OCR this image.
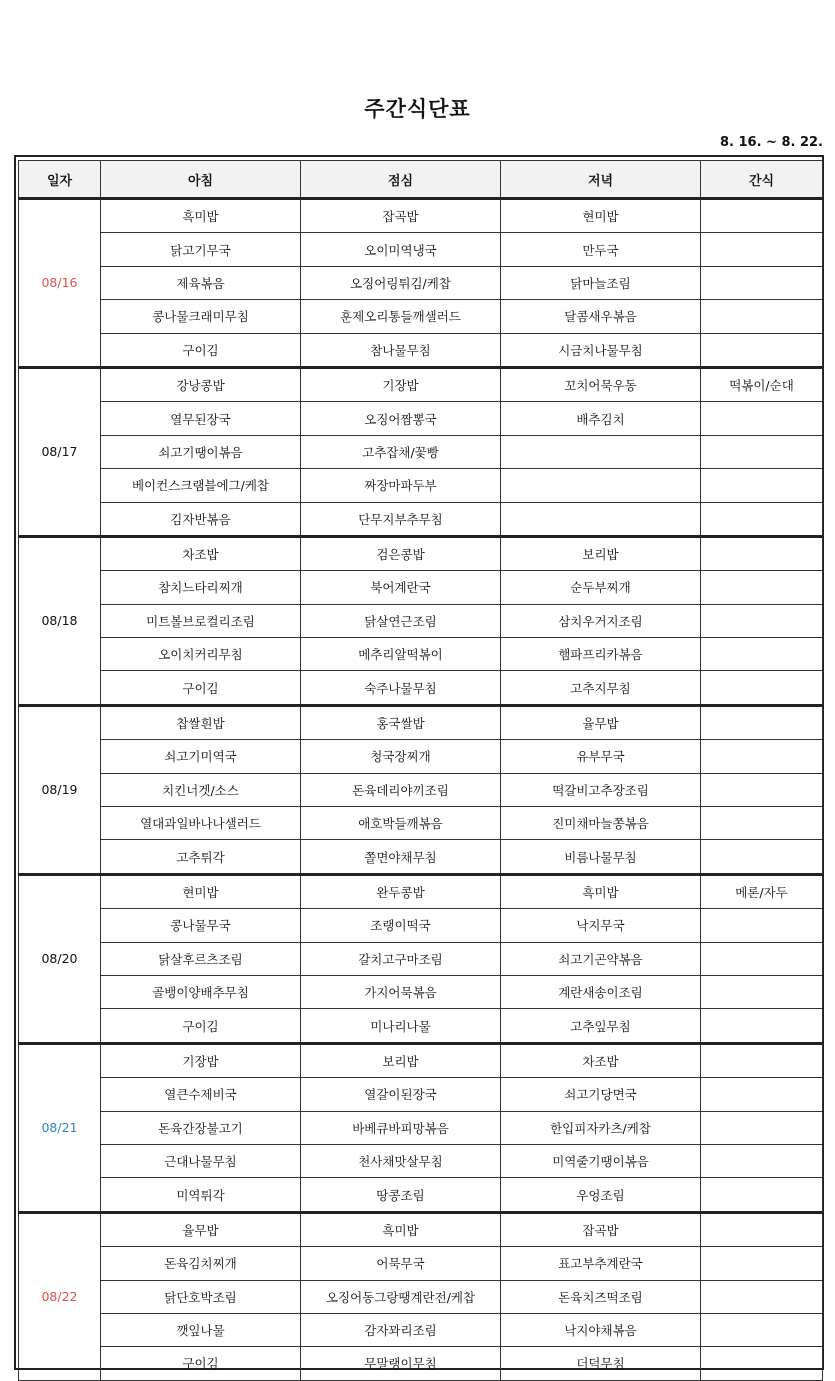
주간식단표
8. 16. ~ 8. 22.
일자	아침	점심	저녁	간식
08/16	흑미밥	잡곡밥	현미밥	
	닭고기무국	오이미역냉국	만두국	
	제육볶음	오징어링튀김/케찹	닭마늘조림	
	콩나물크래미무침	훈제오리통들깨샐러드	달콤새우볶음	
	구이김	참나물무침	시금치나물무침	
08/17	강낭콩밥	기장밥	꼬치어묵우동	떡볶이/순대
	열무된장국	오징어짬뽕국	배추김치	
	쇠고기땡이볶음	고추잡채/꽃빵		
	베이컨스크램블에그/케찹	짜장마파두부		
	김자반볶음	단무지부추무침		
08/18	차조밥	검은콩밥	보리밥	
	참치느타리찌개	북어계란국	순두부찌개	
	미트볼브로컬리조림	닭살연근조림	삼치우거지조림	
	오이치커리무침	메추리알떡볶이	햄파프리카볶음	
	구이김	숙주나물무침	고추지무침	
08/19	찹쌀흰밥	홍국쌀밥	율무밥	
	쇠고기미역국	청국장찌개	유부무국	
	치킨너겟/소스	돈육데리야끼조림	떡갈비고추장조림	
	열대과일바나나샐러드	애호박들깨볶음	진미채마늘쫑볶음	
	고추튀각	쫄면야채무침	비름나물무침	
08/20	현미밥	완두콩밥	흑미밥	메론/자두
	콩나물무국	조랭이떡국	낙지무국	
	닭살후르츠조림	갈치고구마조림	쇠고기곤약볶음	
	골뱅이양배추무침	가지어묵볶음	계란새송이조림	
	구이김	미나리나물	고추잎무침	
08/21	기장밥	보리밥	차조밥	
	열큰수제비국	열갈이된장국	쇠고기당면국	
	돈육간장불고기	바베큐바피망볶음	한입피자카츠/케찹	
	근대나물무침	천사채맛살무침	미역줄기땡이볶음	
	미역튀각	땅콩조림	우엉조림	
08/22	율무밥	흑미밥	잡곡밥	
	돈육김치찌개	어묵무국	표고부추계란국	
	닭단호박조림	오징어동그랑땡계란전/케찹	돈육치즈떡조림	
	깻잎나물	감자꽈리조림	낙지야채볶음	
	구이김	무말랭이무침	더덕무침	
